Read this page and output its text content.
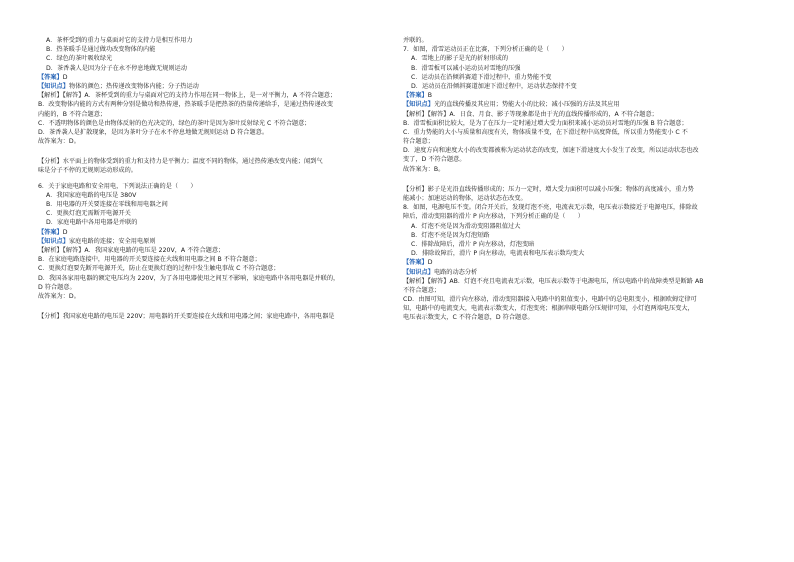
A．茶杯受到的重力与桌面对它的支持力是相互作用力
B．热茶暖手是通过做功改变物体的内能
C．绿色的茶叶吸收绿光
D．茶香袭人是因为分子在永不停息地做无规则运动
【答案】D
【知识点】物体的颜色；热传递改变物体内能；分子热运动
【解析】【解答】A．茶杯受到的重力与桌面对它的支持力作用在同一物体上，是一对平衡力，A 不符合题意；
B．改变物体内能的方式有两种分别是做功和热传递，热茶暖手是把热茶的热量传递给手，是通过热传递改变
内能的，B 不符合题意；
C．不透明物体的颜色是由物体反射的色光决定的，绿色的茶叶是因为茶叶反射绿光 C 不符合题意；
D．茶香袭人是扩散现象，是因为茶叶分子在永不停息地做无规则运动 D 符合题意。
故答案为：D。
【分析】水平面上的物体受到的重力和支持力是平衡力；温度不同的物体，通过热传递改变内能；闻到气
味是分子不停的无规则运动形成的。
6．关于家庭电路和安全用电，下列说法正确的是（　　）
A．我国家庭电路的电压是 380V
B．用电器的开关要连接在零线和用电器之间
C．更换灯泡无需断开电源开关
D．家庭电路中各用电器是并联的
【答案】D
【知识点】家庭电路的连接；安全用电原则
【解析】【解答】A．我国家庭电路的电压是 220V，A 不符合题意；
B．在家庭电路连接中，用电器的开关要连接在火线和用电器之间 B 不符合题意；
C．更换灯泡要先断开电源开关，防止在更换灯泡的过程中发生触电事故 C 不符合题意；
D．我国各家用电器的额定电压均为 220V，为了各用电器使用之间互不影响，家庭电路中各用电器是并联的，
D 符合题意。
故答案为：D。
【分析】我国家庭电路的电压是 220V；用电器的开关要连接在火线和用电器之间；家庭电路中，各用电器是
并联的。
7．如图，滑雪运动员正在比赛，下列分析正确的是（　　）
A．雪地上的影子是光的折射形成的
B．滑雪板可以减小运动员对雪地的压强
C．运动员在沿倾斜赛道下滑过程中，重力势能不变
D．运动员在沿倾斜赛道加速下滑过程中，运动状态保持不变
【答案】B
【知识点】光的直线传播及其应用；势能大小的比较；减小压强的方法及其应用
【解析】【解答】A．日食、月食、影子等现象都是由于光的直线传播形成的，A 不符合题意；
B．滑雪板面积比较大，是为了在压力一定时通过增大受力面积来减小运动员对雪地的压强 B 符合题意；
C．重力势能的大小与质量和高度有关，物体质量不变，在下滑过程中高度降低，所以重力势能变小 C 不
符合题意；
D．速度方向和速度大小的改变都被称为运动状态的改变，加速下滑速度大小发生了改变，所以运动状态也改
变了，D 不符合题意。
故答案为：B。
【分析】影子是光沿直线传播形成的；压力一定时，增大受力面积可以减小压强；物体的高度减小，重力势
能减小；加速运动的物体，运动状态在改变。
8．如图，电源电压不变。闭合开关后，发现灯泡不亮，电流表无示数，电压表示数接近于电源电压，排除故
障后，滑动变阻器的滑片 P 向左移动，下列分析正确的是（　　）
A．灯泡不亮是因为滑动变阻器阻值过大
B．灯泡不亮是因为灯泡短路
C．排除故障后，滑片 P 向左移动，灯泡变暗
D．排除故障后，滑片 P 向左移动，电流表和电压表示数均变大
【答案】D
【知识点】电路的动态分析
【解析】【解答】AB．灯泡不亮且电流表无示数，电压表示数等于电源电压，所以电路中的故障类型是断路 AB
不符合题意；
CD．由图可知，滑片向左移动，滑动变阻器接入电路中的阻值变小，电路中的总电阻变小，根据欧姆定律可
知，电路中的电流变大，电流表示数变大，灯泡变亮；根据串联电路分压规律可知，小灯泡两端电压变大，
电压表示数变大，C 不符合题意，D 符合题意。
